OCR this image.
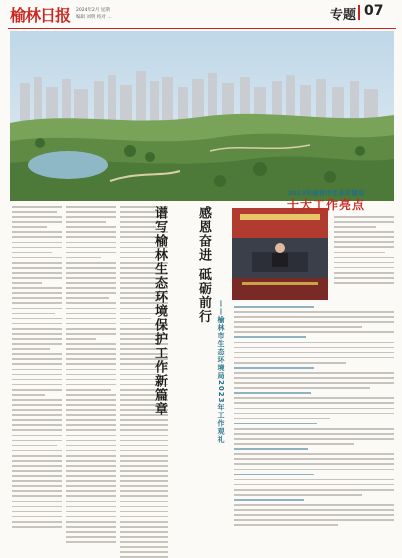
榆林日报	2024年2月 星期
编辑 刘明 校对 …	专题 07
感恩奋进 砥砺前行
谱写榆林生态环境保护工作新篇章	——榆林市生态环境局2023年工作观礼
2023年榆林市生态环境局
十大工作亮点
